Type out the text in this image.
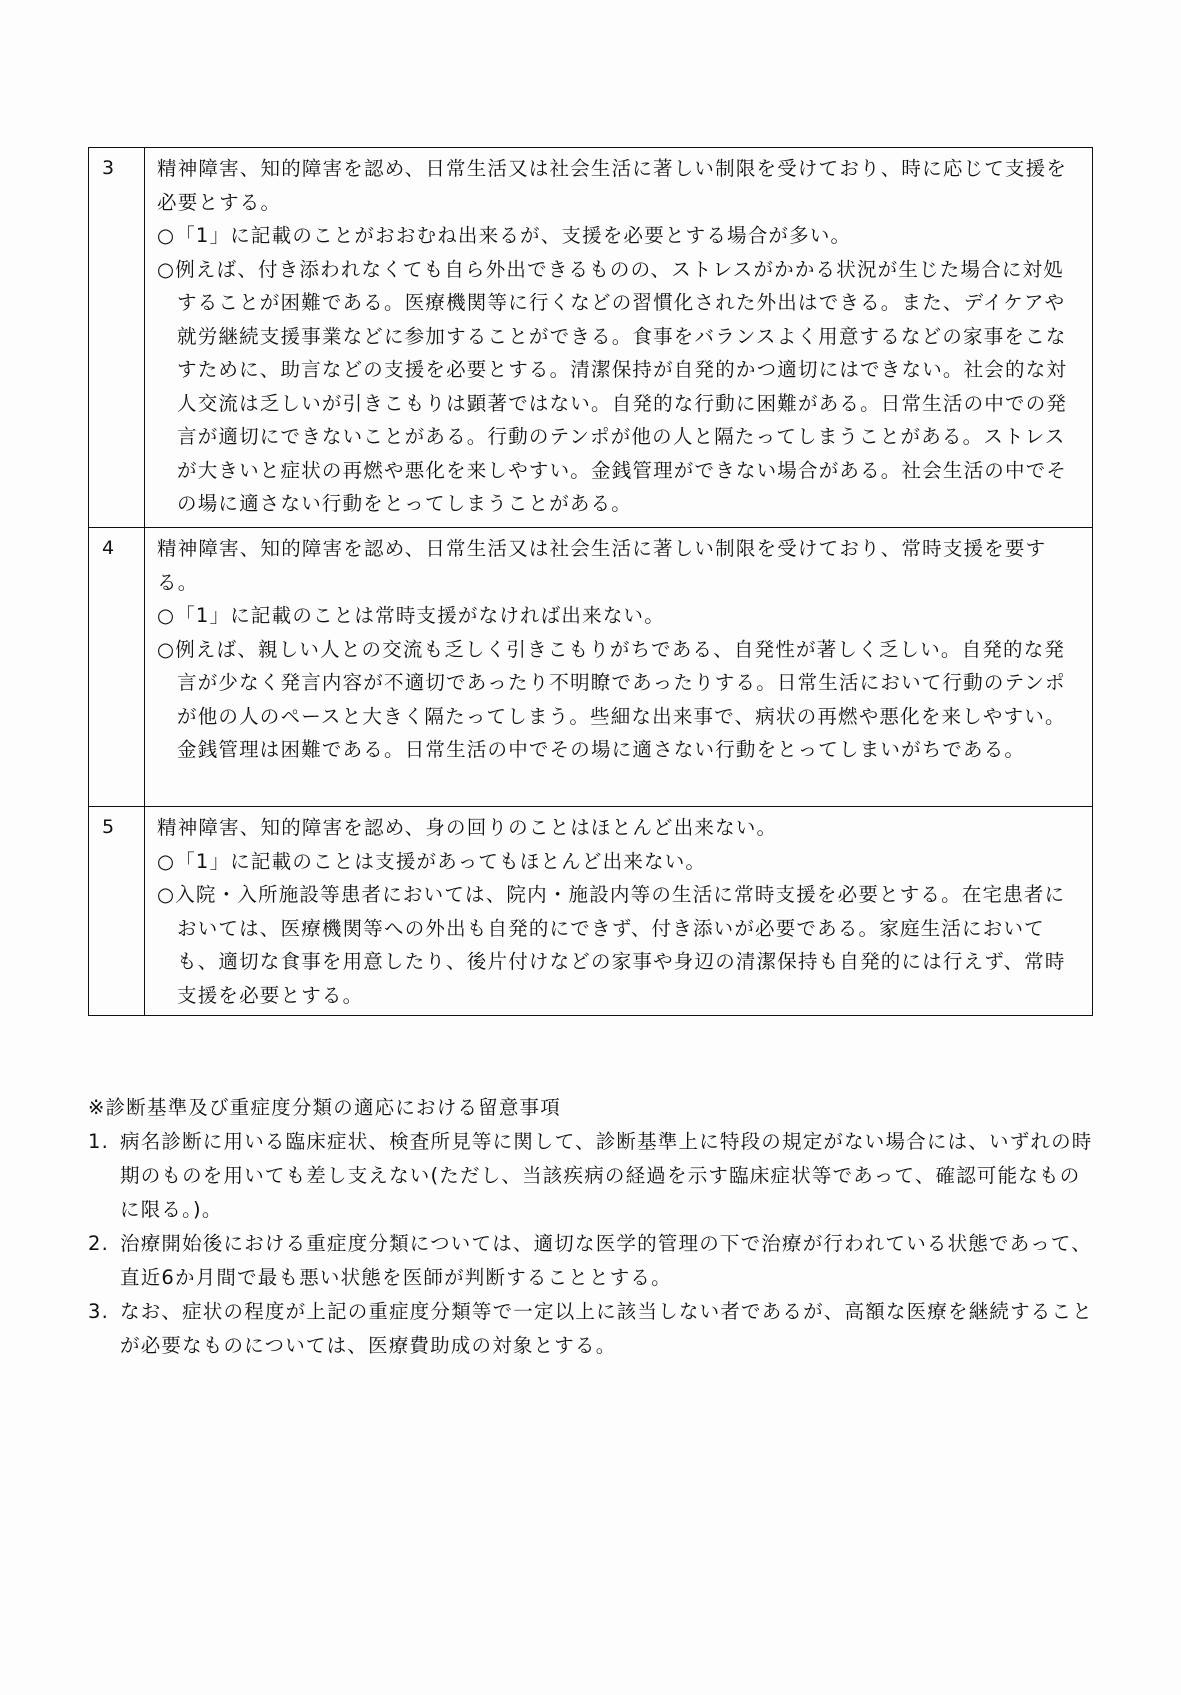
3	精神障害、知的障害を認め、日常生活又は社会生活に著しい制限を受けており、時に応じて支援を必要とする。

○「1」に記載のことがおおむね出来るが、支援を必要とする場合が多い。

○例えば、付き添われなくても自ら外出できるものの、ストレスがかかる状況が生じた場合に対処することが困難である。医療機関等に行くなどの習慣化された外出はできる。また、デイケアや就労継続支援事業などに参加することができる。食事をバランスよく用意するなどの家事をこなすために、助言などの支援を必要とする。清潔保持が自発的かつ適切にはできない。社会的な対人交流は乏しいが引きこもりは顕著ではない。自発的な行動に困難がある。日常生活の中での発言が適切にできないことがある。行動のテンポが他の人と隔たってしまうことがある。ストレスが大きいと症状の再燃や悪化を来しやすい。金銭管理ができない場合がある。社会生活の中でその場に適さない行動をとってしまうことがある。

4	精神障害、知的障害を認め、日常生活又は社会生活に著しい制限を受けており、常時支援を要する。

○「1」に記載のことは常時支援がなければ出来ない。

○例えば、親しい人との交流も乏しく引きこもりがちである、自発性が著しく乏しい。自発的な発言が少なく発言内容が不適切であったり不明瞭であったりする。日常生活において行動のテンポが他の人のペースと大きく隔たってしまう。些細な出来事で、病状の再燃や悪化を来しやすい。金銭管理は困難である。日常生活の中でその場に適さない行動をとってしまいがちである。

5	精神障害、知的障害を認め、身の回りのことはほとんど出来ない。

○「1」に記載のことは支援があってもほとんど出来ない。

○入院・入所施設等患者においては、院内・施設内等の生活に常時支援を必要とする。在宅患者においては、医療機関等への外出も自発的にできず、付き添いが必要である。家庭生活においても、適切な食事を用意したり、後片付けなどの家事や身辺の清潔保持も自発的には行えず、常時支援を必要とする。

※診断基準及び重症度分類の適応における留意事項

1. 病名診断に用いる臨床症状、検査所見等に関して、診断基準上に特段の規定がない場合には、いずれの時期のものを用いても差し支えない(ただし、当該疾病の経過を示す臨床症状等であって、確認可能なものに限る。)。
2. 治療開始後における重症度分類については、適切な医学的管理の下で治療が行われている状態であって、直近6か月間で最も悪い状態を医師が判断することとする。
3. なお、症状の程度が上記の重症度分類等で一定以上に該当しない者であるが、高額な医療を継続することが必要なものについては、医療費助成の対象とする。
